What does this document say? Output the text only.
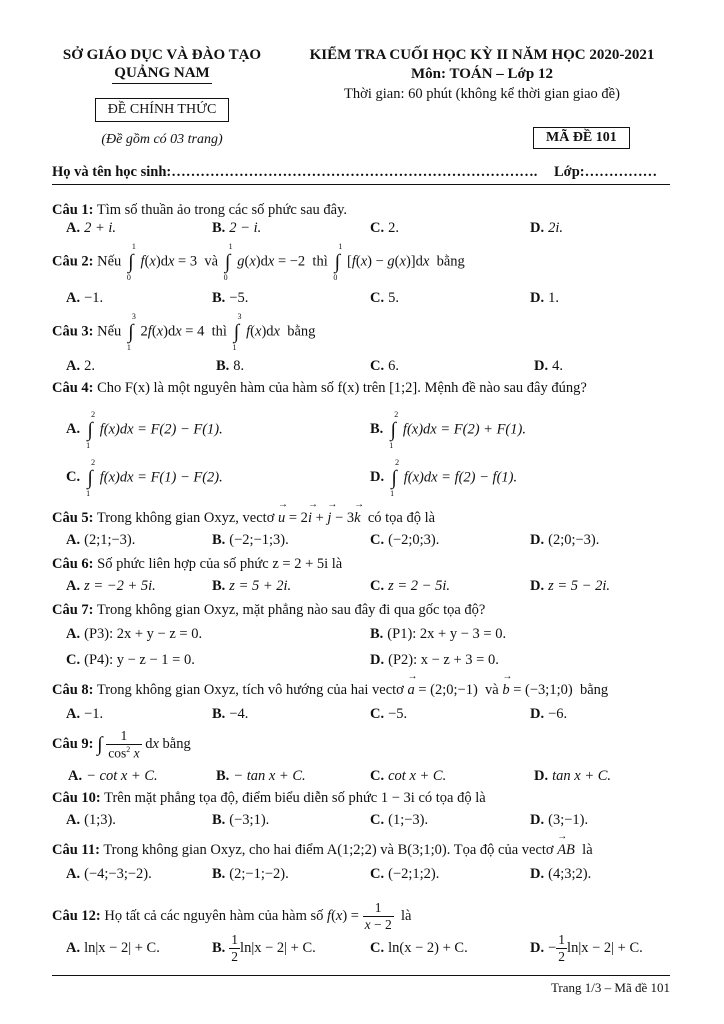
SỞ GIÁO DỤC VÀ ĐÀO TẠO
QUẢNG NAM
ĐỀ CHÍNH THỨC
(Đề gồm có 03 trang)
KIỂM TRA CUỐI HỌC KỲ II NĂM HỌC 2020-2021
Môn: TOÁN – Lớp 12
Thời gian: 60 phút (không kể thời gian giao đề)
MÃ ĐỀ 101
Họ và tên học sinh:…………………………………………………………………. Lớp:……………
Câu 1: Tìm số thuần ảo trong các số phức sau đây.
A. 2 + i.	B. 2 − i.	C. 2.	D. 2i.
Câu 2: Nếu ∫
1
0
f(x)dx = 3  và ∫
1
0
g(x)dx = −2  thì ∫
1
0
[f(x) − g(x)]dx  bằng
A. −1.	B. −5.	C. 5.	D. 1.
Câu 3: Nếu ∫
3
1
2f(x)dx = 4  thì ∫
3
1
f(x)dx  bằng
A. 2.	B. 8.	C. 6.	D. 4.
Câu 4: Cho F(x) là một nguyên hàm của hàm số f(x) trên [1;2]. Mệnh đề nào sau đây đúng?
A. ∫
2
1
f(x)dx = F(2) − F(1).	B. ∫
2
1
f(x)dx = F(2) + F(1).
C. ∫
2
1
f(x)dx = F(1) − F(2).	D. ∫
2
1
f(x)dx = f(2) − f(1).
Câu 5: Trong không gian Oxyz, vectơ → u = 2→ i + → j − 3→ k  có tọa độ là
A. (2;1;−3).	B. (−2;−1;3).	C. (−2;0;3).	D. (2;0;−3).
Câu 6: Số phức liên hợp của số phức z = 2 + 5i là
A. z = −2 + 5i.	B. z = 5 + 2i.	C. z = 2 − 5i.	D. z = 5 − 2i.
Câu 7: Trong không gian Oxyz, mặt phẳng nào sau đây đi qua gốc tọa độ?
A. (P3): 2x + y − z = 0.	B. (P1): 2x + y − 3 = 0.
C. (P4): y − z − 1 = 0.	D. (P2): x − z + 3 = 0.
Câu 8: Trong không gian Oxyz, tích vô hướng của hai vectơ → a = (2;0;−1)  và → b = (−3;1;0)  bằng
A. −1.	B. −4.	C. −5.	D. −6.
Câu 9: ∫ $\frac{1}{\cos^2 x}$ dx bằng
A. − cot x + C.	B. − tan x + C.	C. cot x + C.	D. tan x + C.
Câu 10: Trên mặt phẳng tọa độ, điểm biểu diễn số phức 1 − 3i có tọa độ là
A. (1;3).	B. (−3;1).	C. (1;−3).	D. (3;−1).
Câu 11: Trong không gian Oxyz, cho hai điểm A(1;2;2) và B(3;1;0). Tọa độ của vectơ → AB  là
A. (−4;−3;−2).	B. (2;−1;−2).	C. (−2;1;2).	D. (4;3;2).
Câu 12: Họ tất cả các nguyên hàm của hàm số $f(x) = \frac{1}{x - 2}$ là
A. ln|x − 2| + C.	B. $\frac{1}{2} \ln|x - 2| + C$.	C. ln(x − 2) + C.	D. − $\frac{1}{2} \ln|x - 2| + C$.
Trang 1/3 – Mã đề 101
